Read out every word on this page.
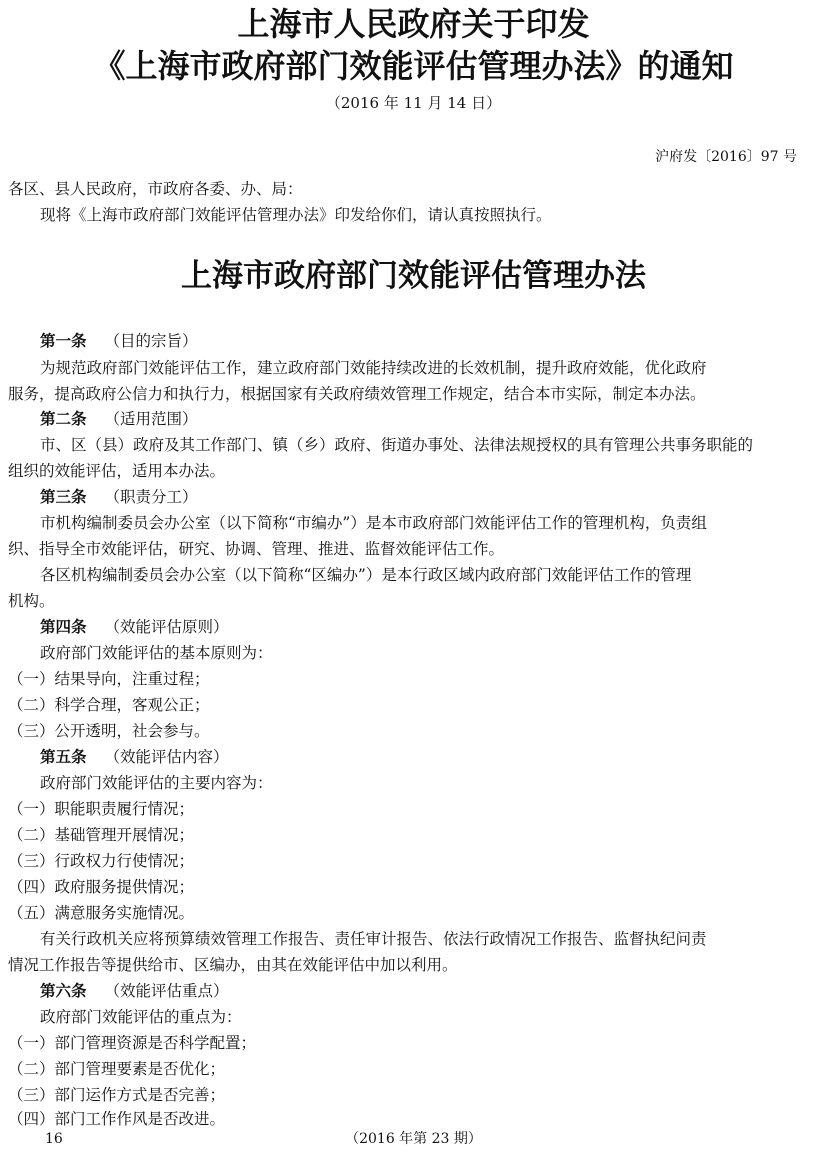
上海市人民政府关于印发
《上海市政府部门效能评估管理办法》的通知
（2016 年 11 月 14 日）
沪府发〔2016〕97 号
各区、县人民政府，市政府各委、办、局：
现将《上海市政府部门效能评估管理办法》印发给你们，请认真按照执行。
上海市政府部门效能评估管理办法
第一条 （目的宗旨）
为规范政府部门效能评估工作，建立政府部门效能持续改进的长效机制，提升政府效能，优化政府
服务，提高政府公信力和执行力，根据国家有关政府绩效管理工作规定，结合本市实际，制定本办法。
第二条 （适用范围）
市、区（县）政府及其工作部门、镇（乡）政府、街道办事处、法律法规授权的具有管理公共事务职能的
组织的效能评估，适用本办法。
第三条 （职责分工）
市机构编制委员会办公室（以下简称“市编办”）是本市政府部门效能评估工作的管理机构，负责组
织、指导全市效能评估，研究、协调、管理、推进、监督效能评估工作。
各区机构编制委员会办公室（以下简称“区编办”）是本行政区域内政府部门效能评估工作的管理
机构。
第四条 （效能评估原则）
政府部门效能评估的基本原则为：
（一）结果导向，注重过程；
（二）科学合理，客观公正；
（三）公开透明，社会参与。
第五条 （效能评估内容）
政府部门效能评估的主要内容为：
（一）职能职责履行情况；
（二）基础管理开展情况；
（三）行政权力行使情况；
（四）政府服务提供情况；
（五）满意服务实施情况。
有关行政机关应将预算绩效管理工作报告、责任审计报告、依法行政情况工作报告、监督执纪问责
情况工作报告等提供给市、区编办，由其在效能评估中加以利用。
第六条 （效能评估重点）
政府部门效能评估的重点为：
（一）部门管理资源是否科学配置；
（二）部门管理要素是否优化；
（三）部门运作方式是否完善；
（四）部门工作作风是否改进。
16	（2016 年第 23 期）
